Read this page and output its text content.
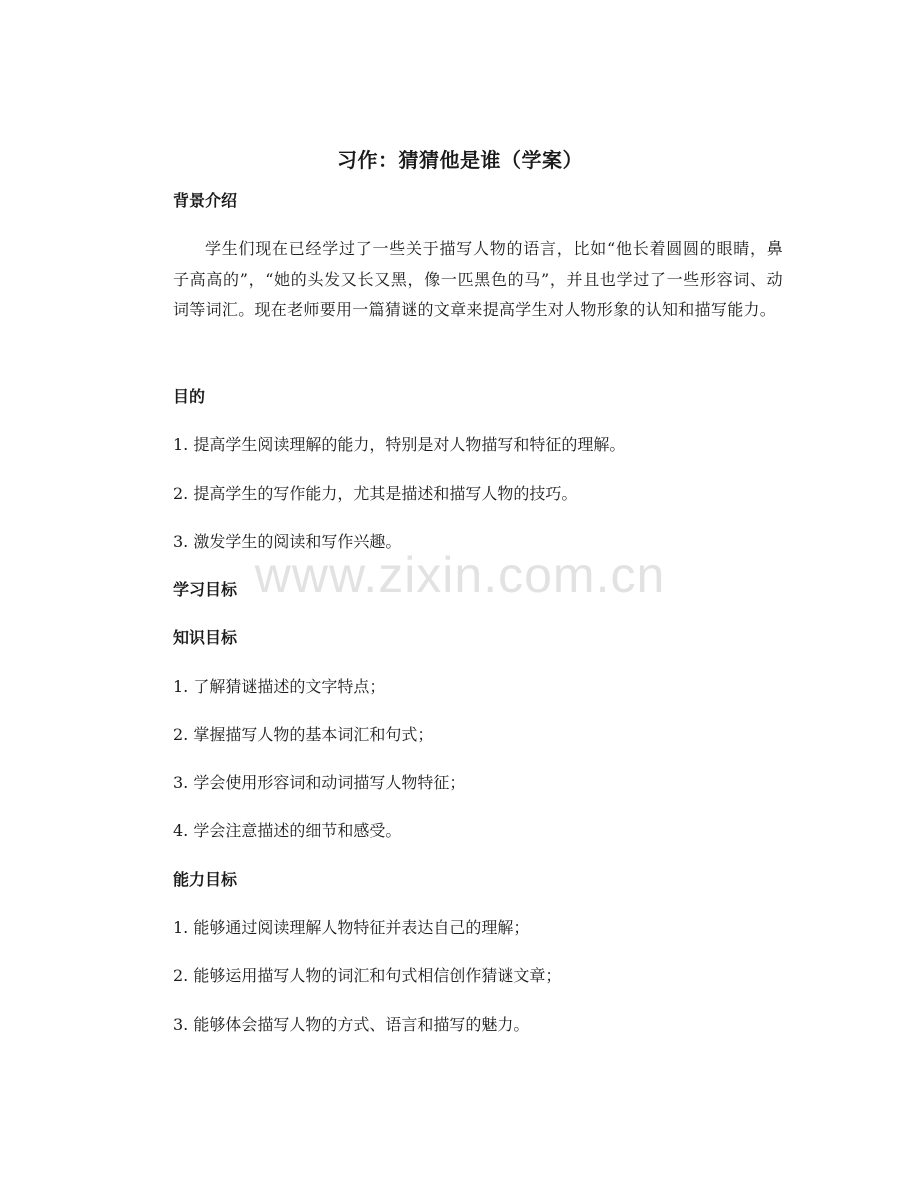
习作：猜猜他是谁（学案）
背景介绍
学生们现在已经学过了一些关于描写人物的语言，比如“他长着圆圆的眼睛，鼻子高高的”，“她的头发又长又黑，像一匹黑色的马”，并且也学过了一些形容词、动词等词汇。现在老师要用一篇猜谜的文章来提高学生对人物形象的认知和描写能力。
目的
1. 提高学生阅读理解的能力，特别是对人物描写和特征的理解。
2. 提高学生的写作能力，尤其是描述和描写人物的技巧。
3. 激发学生的阅读和写作兴趣。
学习目标
知识目标
1. 了解猜谜描述的文字特点；
2. 掌握描写人物的基本词汇和句式；
3. 学会使用形容词和动词描写人物特征；
4. 学会注意描述的细节和感受。
能力目标
1. 能够通过阅读理解人物特征并表达自己的理解；
2. 能够运用描写人物的词汇和句式相信创作猜谜文章；
3. 能够体会描写人物的方式、语言和描写的魅力。
www.zixin.com.cn
